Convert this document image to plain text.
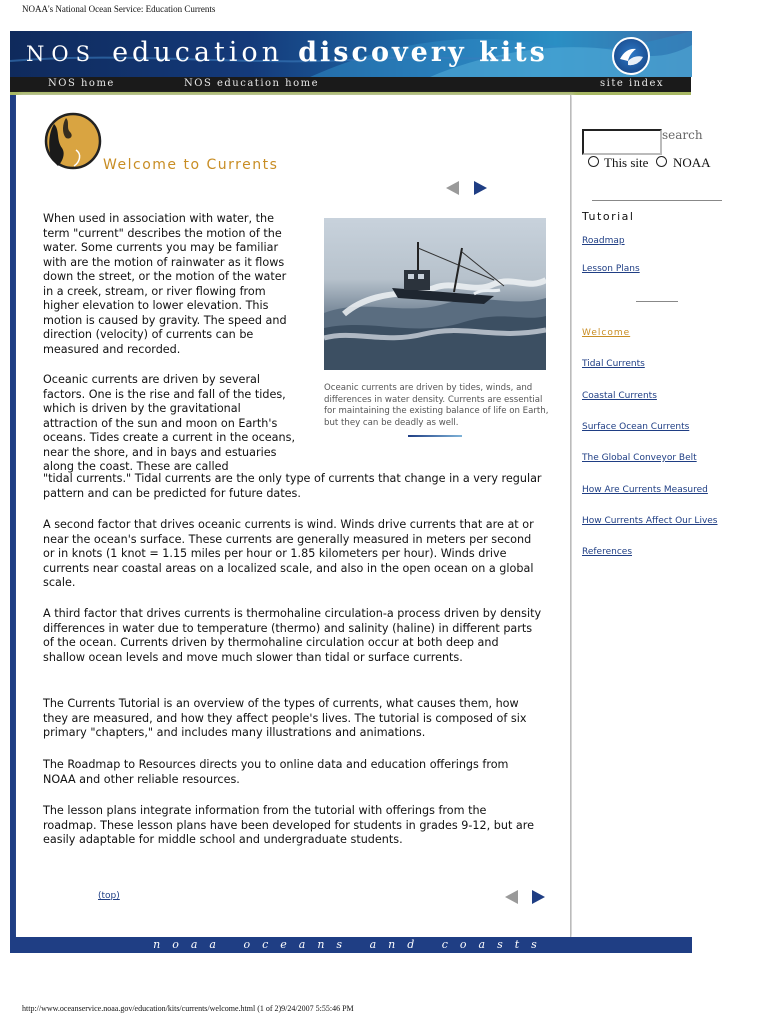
NOAA's National Ocean Service: Education Currents
NOS education discovery kits
NOS home	NOS education home	site index
Welcome to Currents
When used in association with water, the term "current" describes the motion of the water. Some currents you may be familiar with are the motion of rainwater as it flows down the street, or the motion of the water in a creek, stream, or river flowing from higher elevation to lower elevation. This motion is caused by gravity. The speed and direction (velocity) of currents can be measured and recorded.
Oceanic currents are driven by several factors. One is the rise and fall of the tides, which is driven by the gravitational attraction of the sun and moon on Earth's oceans. Tides create a current in the oceans, near the shore, and in bays and estuaries along the coast. These are called
"tidal currents." Tidal currents are the only type of currents that change in a very regular pattern and can be predicted for future dates.
A second factor that drives oceanic currents is wind. Winds drive currents that are at or near the ocean's surface. These currents are generally measured in meters per second or in knots (1 knot = 1.15 miles per hour or 1.85 kilometers per hour). Winds drive currents near coastal areas on a localized scale, and also in the open ocean on a global scale.
A third factor that drives currents is thermohaline circulation-a process driven by density differences in water due to temperature (thermo) and salinity (haline) in different parts of the ocean. Currents driven by thermohaline circulation occur at both deep and shallow ocean levels and move much slower than tidal or surface currents.
The Currents Tutorial is an overview of the types of currents, what causes them, how they are measured, and how they affect people's lives. The tutorial is composed of six primary "chapters," and includes many illustrations and animations.
The Roadmap to Resources directs you to online data and education offerings from NOAA and other reliable resources.
The lesson plans integrate information from the tutorial with offerings from the roadmap. These lesson plans have been developed for students in grades 9-12, but are easily adaptable for middle school and undergraduate students.
Oceanic currents are driven by tides, winds, and differences in water density. Currents are essential for maintaining the existing balance of life on Earth, but they can be deadly as well.
(top)
noaa oceans and coasts
search
This site NOAA
Tutorial
Roadmap
Lesson Plans
Welcome
Tidal Currents
Coastal Currents
Surface Ocean Currents
The Global Conveyor Belt
How Are Currents Measured
How Currents Affect Our Lives
References
http://www.oceanservice.noaa.gov/education/kits/currents/welcome.html (1 of 2)9/24/2007 5:55:46 PM
